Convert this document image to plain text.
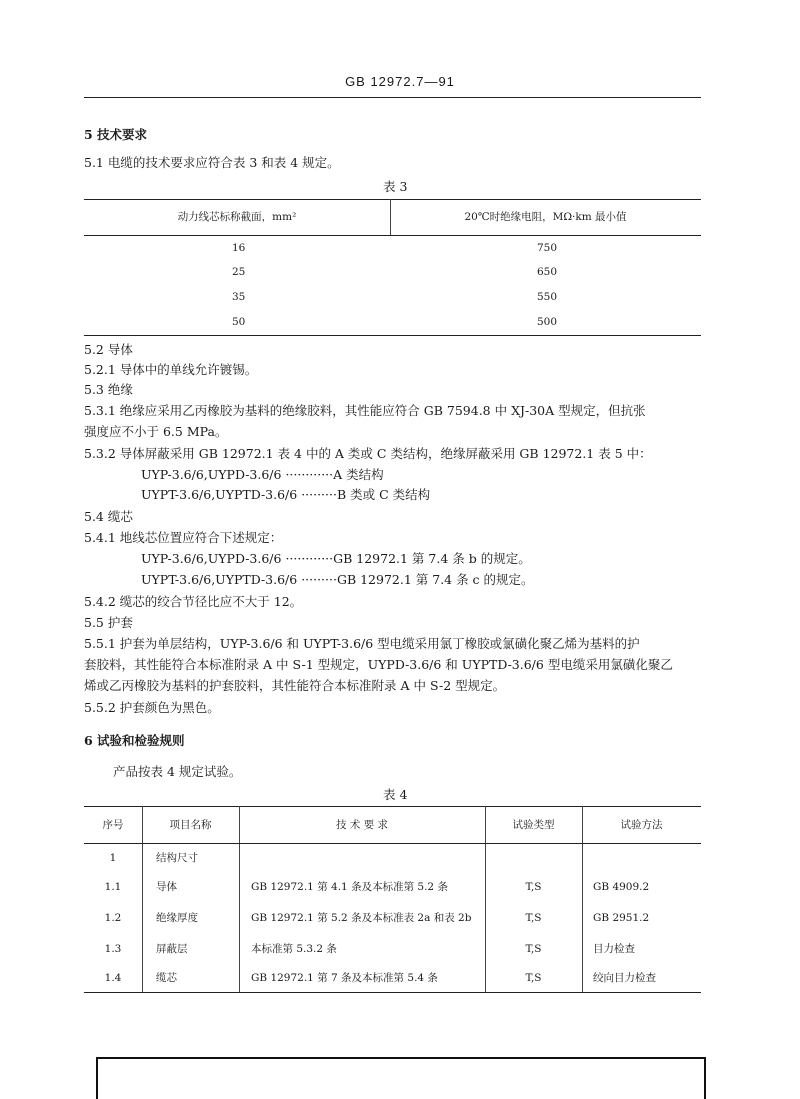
GB 12972.7—91
5 技术要求
5.1 电缆的技术要求应符合表 3 和表 4 规定。
表 3
动力线芯标称截面，mm²	20℃时绝缘电阻，MΩ·km 最小值
16	750
25	650
35	550
50	500
5.2 导体
5.2.1 导体中的单线允许镀锡。
5.3 绝缘
5.3.1 绝缘应采用乙丙橡胶为基料的绝缘胶料，其性能应符合 GB 7594.8 中 XJ-30A 型规定，但抗张
强度应不小于 6.5 MPa。
5.3.2 导体屏蔽采用 GB 12972.1 表 4 中的 A 类或 C 类结构，绝缘屏蔽采用 GB 12972.1 表 5 中：
UYP-3.6/6,UYPD-3.6/6 ············A 类结构
UYPT-3.6/6,UYPTD-3.6/6 ·········B 类或 C 类结构
5.4 缆芯
5.4.1 地线芯位置应符合下述规定：
UYP-3.6/6,UYPD-3.6/6 ············GB 12972.1 第 7.4 条 b 的规定。
UYPT-3.6/6,UYPTD-3.6/6 ·········GB 12972.1 第 7.4 条 c 的规定。
5.4.2 缆芯的绞合节径比应不大于 12。
5.5 护套
5.5.1 护套为单层结构，UYP-3.6/6 和 UYPT-3.6/6 型电缆采用氯丁橡胶或氯磺化聚乙烯为基料的护
套胶料，其性能符合本标准附录 A 中 S-1 型规定，UYPD-3.6/6 和 UYPTD-3.6/6 型电缆采用氯磺化聚乙
烯或乙丙橡胶为基料的护套胶料，其性能符合本标准附录 A 中 S-2 型规定。
5.5.2 护套颜色为黑色。
6 试验和检验规则
产品按表 4 规定试验。
表 4
序号	项目名称	技 术 要 求	试验类型	试验方法
1	结构尺寸
1.1	导体	GB 12972.1 第 4.1 条及本标准第 5.2 条	T,S	GB 4909.2
1.2	绝缘厚度	GB 12972.1 第 5.2 条及本标准表 2a 和表 2b	T,S	GB 2951.2
1.3	屏蔽层	本标准第 5.3.2 条	T,S	目力检查
1.4	缆芯	GB 12972.1 第 7 条及本标准第 5.4 条	T,S	绞向目力检查
